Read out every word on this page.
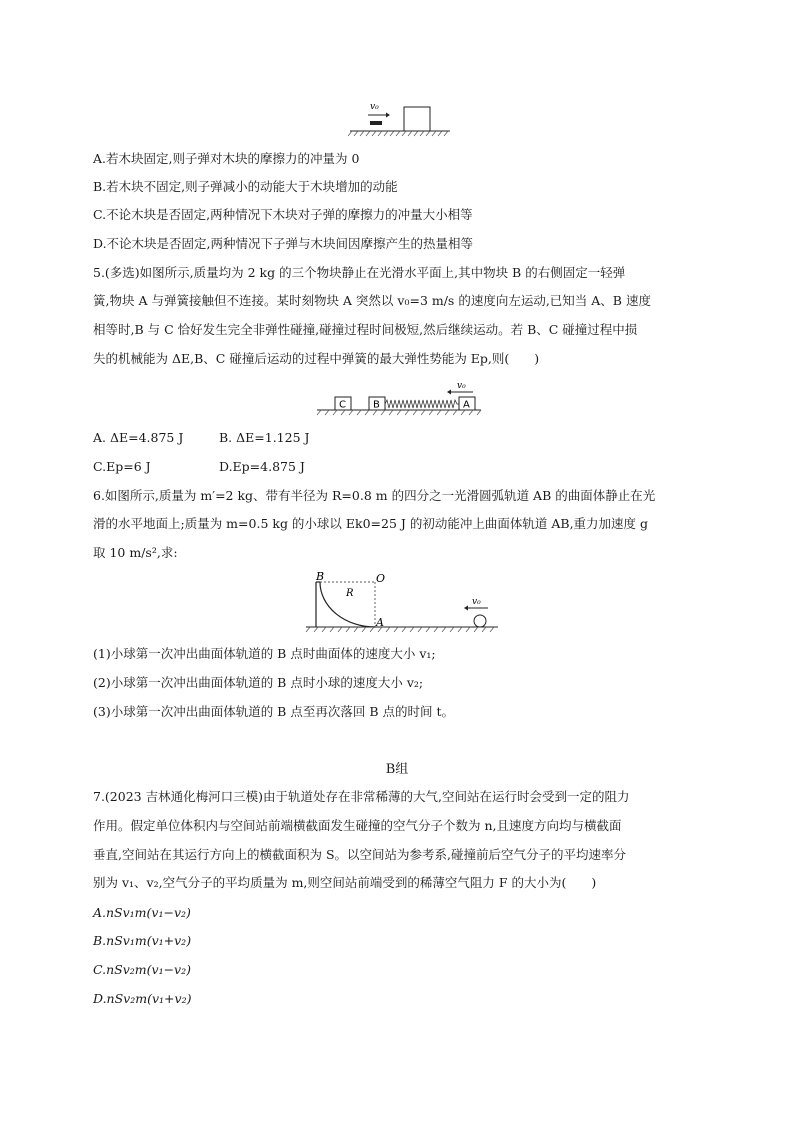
v₀
A.若木块固定,则子弹对木块的摩擦力的冲量为 0
B.若木块不固定,则子弹减小的动能大于木块增加的动能
C.不论木块是否固定,两种情况下木块对子弹的摩擦力的冲量大小相等
D.不论木块是否固定,两种情况下子弹与木块间因摩擦产生的热量相等
5.(多选)如图所示,质量均为 2 kg 的三个物块静止在光滑水平面上,其中物块 B 的右侧固定一轻弹
簧,物块 A 与弹簧接触但不连接。某时刻物块 A 突然以 v₀=3 m/s 的速度向左运动,已知当 A、B 速度
相等时,B 与 C 恰好发生完全非弹性碰撞,碰撞过程时间极短,然后继续运动。若 B、C 碰撞过程中损
失的机械能为 ΔE,B、C 碰撞后运动的过程中弹簧的最大弹性势能为 Ep,则(　　)
v₀
C	B	A
A. ΔE=4.875 J	B. ΔE=1.125 J
C.Ep=6 J	D.Ep=4.875 J
6.如图所示,质量为 m′=2 kg、带有半径为 R=0.8 m 的四分之一光滑圆弧轨道 AB 的曲面体静止在光
滑的水平地面上;质量为 m=0.5 kg 的小球以 Ek0=25 J 的初动能冲上曲面体轨道 AB,重力加速度 g
取 10 m/s²,求:
B	O
R
A
v₀
(1)小球第一次冲出曲面体轨道的 B 点时曲面体的速度大小 v₁;
(2)小球第一次冲出曲面体轨道的 B 点时小球的速度大小 v₂;
(3)小球第一次冲出曲面体轨道的 B 点至再次落回 B 点的时间 t。
B组
7.(2023 吉林通化梅河口三模)由于轨道处存在非常稀薄的大气,空间站在运行时会受到一定的阻力
作用。假定单位体积内与空间站前端横截面发生碰撞的空气分子个数为 n,且速度方向均与横截面
垂直,空间站在其运行方向上的横截面积为 S。以空间站为参考系,碰撞前后空气分子的平均速率分
别为 v₁、v₂,空气分子的平均质量为 m,则空间站前端受到的稀薄空气阻力 F 的大小为(　　)
A.nSv₁m(v₁−v₂)
B.nSv₁m(v₁+v₂)
C.nSv₂m(v₁−v₂)
D.nSv₂m(v₁+v₂)
